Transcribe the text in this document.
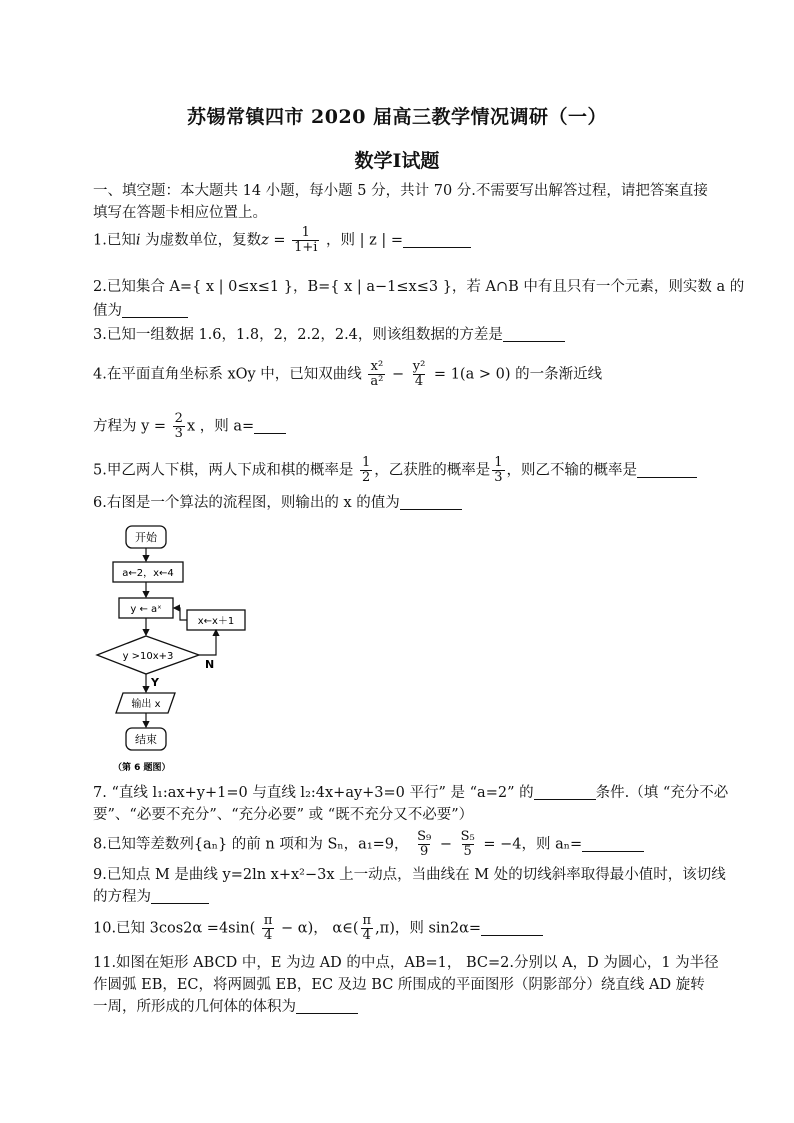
苏锡常镇四市 2020 届高三教学情况调研（一）
数学Ⅰ试题
一、填空题：本大题共 14 小题，每小题 5 分，共计 70 分.不需要写出解答过程，请把答案直接
填写在答题卡相应位置上。
1.已知i 为虚数单位，复数$z = \frac{1}{1+i}$ ，则 | z | =
2.已知集合 A={ x | 0≤x≤1 }，B={ x | a−1≤x≤3 }，若 A∩B 中有且只有一个元素，则实数 a 的
值为
3.已知一组数据 1.6，1.8，2，2.2，2.4，则该组数据的方差是
4.在平面直角坐标系 xOy 中，已知双曲线 $\frac{\text{x²}}{\text{a²}} - \frac{\text{y²}}{4} = 1(a > 0)$ 的一条渐近线
方程为 $y = \frac{2}{3}$ x ，则 a=
5.甲乙两人下棋，两人下成和棋的概率是 $\frac{1}{2}$ ，乙获胜的概率是 $\frac{1}{3}$ ，则乙不输的概率是
6.右图是一个算法的流程图，则输出的 x 的值为
开始
a←2，x←4
y ← aˣ
x←x＋1
y >10x+3
N
Y
输出 x
结束
（第 6 题图）
7. “直线 l₁:ax+y+1=0 与直线 l₂:4x+ay+3=0 平行” 是 “a=2” 的	条件.（填 “充分不必
要”、“必要不充分”、“充分必要” 或 “既不充分又不必要”）
8.已知等差数列{aₙ} 的前 n 项和为 Sₙ，a₁=9， $\frac{\text{S₉}}{9} - \frac{\text{S₅}}{5} = -4$，则 aₙ=
9.已知点 M 是曲线 y=2ln x+x²−3x 上一动点，当曲线在 M 处的切线斜率取得最小值时，该切线
的方程为
10.已知 $3\cos 2\alpha =4\sin( \frac{\pi}{4} - \alpha)$， α∈( $\frac{\pi}{4} ,\pi$)，则 sin2α=
11.如图在矩形 ABCD 中，E 为边 AD 的中点，AB=1， BC=2.分别以 A，D 为圆心，1 为半径
作圆弧 EB，EC，将两圆弧 EB，EC 及边 BC 所围成的平面图形（阴影部分）绕直线 AD 旋转
一周，所形成的几何体的体积为
